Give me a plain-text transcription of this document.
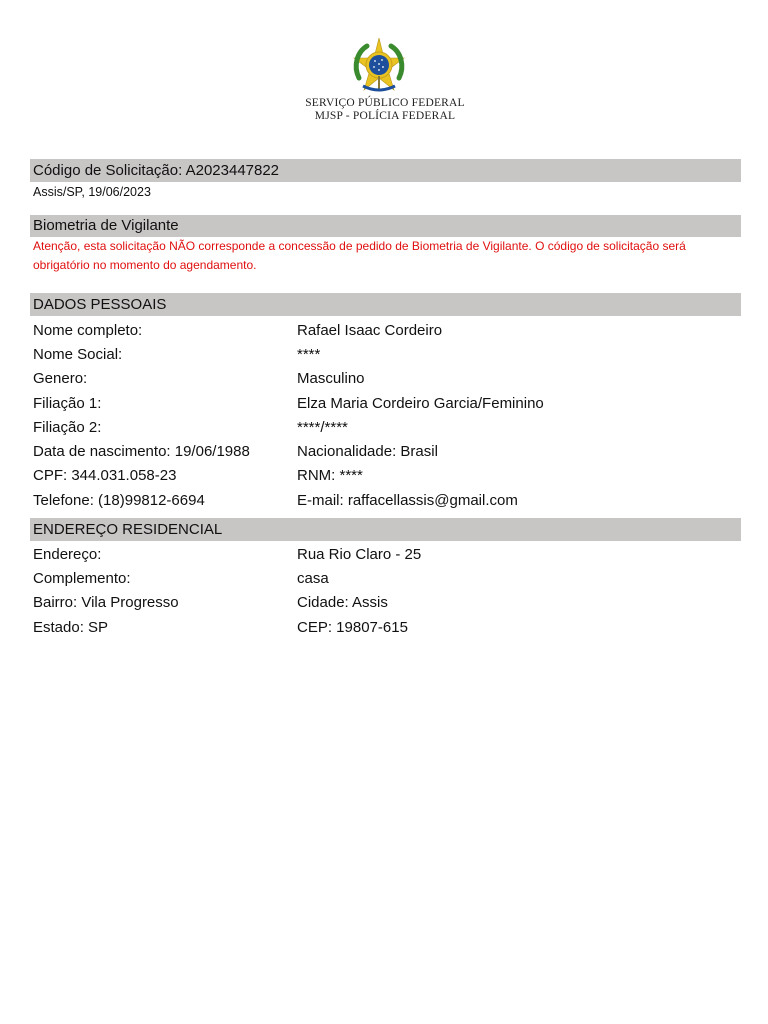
SERVIÇO PÚBLICO FEDERAL
MJSP - POLÍCIA FEDERAL
Código de Solicitação: A2023447822
Assis/SP, 19/06/2023
Biometria de Vigilante
Atenção, esta solicitação NÃO corresponde a concessão de pedido de Biometria de Vigilante. O código de solicitação será obrigatório no momento do agendamento.
DADOS PESSOAIS
Nome completo:	Rafael Isaac Cordeiro
Nome Social:	****
Genero:	Masculino
Filiação 1:	Elza Maria Cordeiro Garcia/Feminino
Filiação 2:	****/****
Data de nascimento: 19/06/1988	Nacionalidade: Brasil
CPF: 344.031.058-23	RNM: ****
Telefone: (18)99812-6694	E-mail: raffacellassis@gmail.com
ENDEREÇO RESIDENCIAL
Endereço:	Rua Rio Claro - 25
Complemento:	casa
Bairro: Vila Progresso	Cidade: Assis
Estado: SP	CEP: 19807-615
